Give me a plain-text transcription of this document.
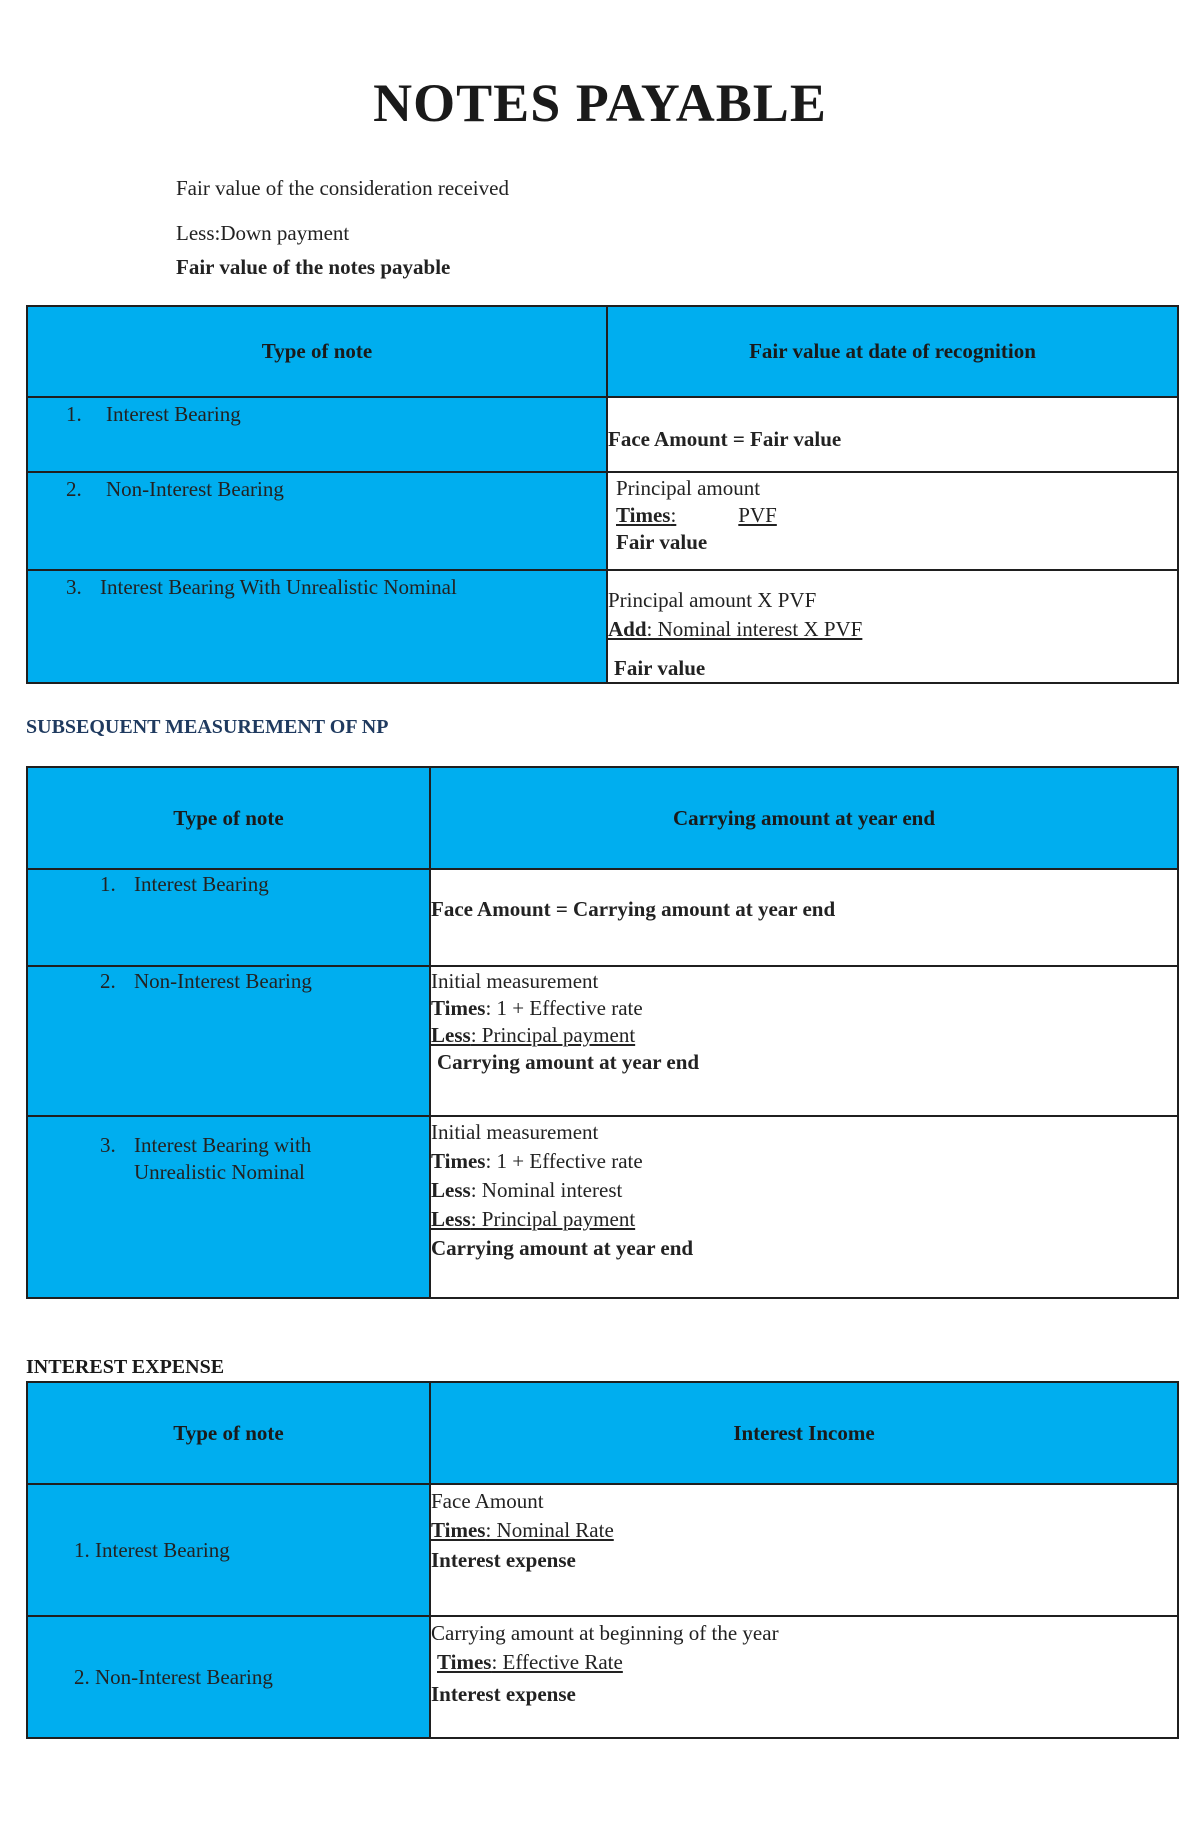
NOTES PAYABLE
Fair value of the consideration received
Less:Down payment
Fair value of the notes payable
Type of note	Fair value at date of recognition

1. Interest Bearing	Face Amount = Fair value

2. Non-Interest Bearing	Principal amount
Times: PVF
Fair value

3. Interest Bearing With Unrealistic Nominal	Principal amount X PVF
Add: Nominal interest X PVF
Fair value
SUBSEQUENT MEASUREMENT OF NP
Type of note	Carrying amount at year end

1. Interest Bearing	Face Amount = Carrying amount at year end

2. Non-Interest Bearing	Initial measurement
Times: 1 + Effective rate
Less: Principal payment
Carrying amount at year end

3. Interest Bearing with
Unrealistic Nominal	Initial measurement
Times: 1 + Effective rate
Less: Nominal interest
Less: Principal payment
Carrying amount at year end
INTEREST EXPENSE
Type of note	Interest Income

1. Interest Bearing	Face Amount
Times: Nominal Rate
Interest expense

2. Non-Interest Bearing	Carrying amount at beginning of the year
Times: Effective Rate
Interest expense
